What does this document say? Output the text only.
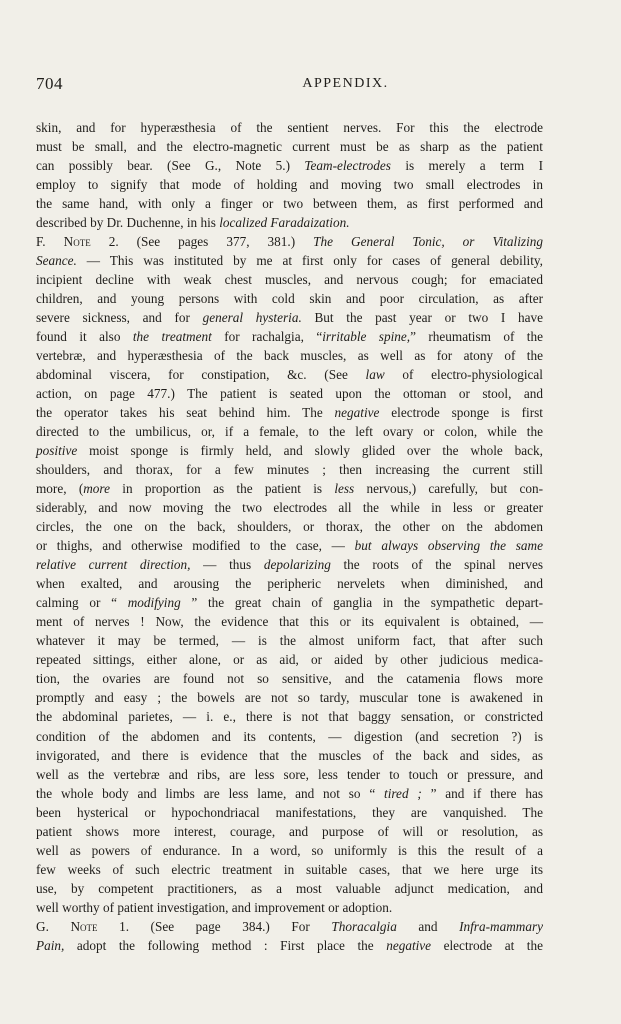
704	APPENDIX.
skin, and for hyperæsthesia of the sentient nerves. For this the electrode
must be small, and the electro-magnetic current must be as sharp as the patient
can possibly bear. (See G., Note 5.) Team-electrodes is merely a term I
employ to signify that mode of holding and moving two small electrodes in
the same hand, with only a finger or two between them, as first performed and
described by Dr. Duchenne, in his localized Faradaization.
F. Note 2. (See pages 377, 381.) The General Tonic, or Vitalizing
Seance. — This was instituted by me at first only for cases of general debility,
incipient decline with weak chest muscles, and nervous cough; for emaciated
children, and young persons with cold skin and poor circulation, as after
severe sickness, and for general hysteria. But the past year or two I have
found it also the treatment for rachalgia, “irritable spine,” rheumatism of the
vertebræ, and hyperæsthesia of the back muscles, as well as for atony of the
abdominal viscera, for constipation, &c. (See law of electro-physiological
action, on page 477.) The patient is seated upon the ottoman or stool, and
the operator takes his seat behind him. The negative electrode sponge is first
directed to the umbilicus, or, if a female, to the left ovary or colon, while the
positive moist sponge is firmly held, and slowly glided over the whole back,
shoulders, and thorax, for a few minutes ; then increasing the current still
more, (more in proportion as the patient is less nervous,) carefully, but con-
siderably, and now moving the two electrodes all the while in less or greater
circles, the one on the back, shoulders, or thorax, the other on the abdomen
or thighs, and otherwise modified to the case, — but always observing the same
relative current direction, — thus depolarizing the roots of the spinal nerves
when exalted, and arousing the peripheric nervelets when diminished, and
calming or “ modifying ” the great chain of ganglia in the sympathetic depart-
ment of nerves ! Now, the evidence that this or its equivalent is obtained, —
whatever it may be termed, — is the almost uniform fact, that after such
repeated sittings, either alone, or as aid, or aided by other judicious medica-
tion, the ovaries are found not so sensitive, and the catamenia flows more
promptly and easy ; the bowels are not so tardy, muscular tone is awakened in
the abdominal parietes, — i. e., there is not that baggy sensation, or constricted
condition of the abdomen and its contents, — digestion (and secretion ?) is
invigorated, and there is evidence that the muscles of the back and sides, as
well as the vertebræ and ribs, are less sore, less tender to touch or pressure, and
the whole body and limbs are less lame, and not so “ tired ; ” and if there has
been hysterical or hypochondriacal manifestations, they are vanquished. The
patient shows more interest, courage, and purpose of will or resolution, as
well as powers of endurance. In a word, so uniformly is this the result of a
few weeks of such electric treatment in suitable cases, that we here urge its
use, by competent practitioners, as a most valuable adjunct medication, and
well worthy of patient investigation, and improvement or adoption.
G. Note 1. (See page 384.) For Thoracalgia and Infra-mammary
Pain, adopt the following method : First place the negative electrode at the
